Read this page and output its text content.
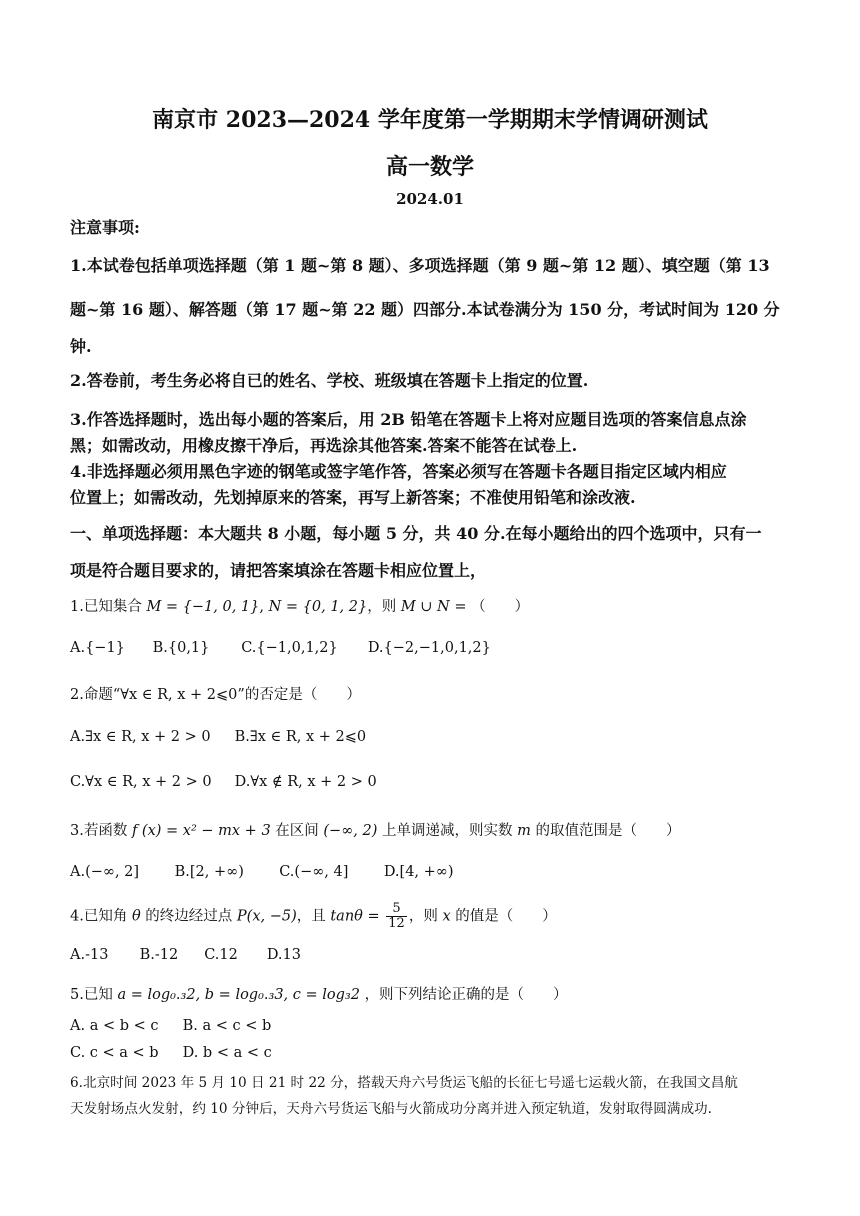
南京市 2023—2024 学年度第一学期期末学情调研测试
高一数学
2024.01
注意事项:
1.本试卷包括单项选择题（第 1 题~第 8 题）、多项选择题（第 9 题~第 12 题）、填空题（第 13
题~第 16 题）、解答题（第 17 题~第 22 题）四部分.本试卷满分为 150 分，考试时间为 120 分
钟.
2.答卷前，考生务必将自已的姓名、学校、班级填在答题卡上指定的位置.
3.作答选择题时，选出每小题的答案后，用 2B 铅笔在答题卡上将对应题目选项的答案信息点涂
黑；如需改动，用橡皮擦干净后，再选涂其他答案.答案不能答在试卷上.
4.非选择题必须用黑色字迹的钢笔或签字笔作答，答案必须写在答题卡各题目指定区域内相应
位置上；如需改动，先划掉原来的答案，再写上新答案；不准使用铅笔和涂改液.
一、单项选择题：本大题共 8 小题，每小题 5 分，共 40 分.在每小题给出的四个选项中，只有一
项是符合题目要求的，请把答案填涂在答题卡相应位置上，
1.已知集合 M = {−1, 0, 1}, N = {0, 1, 2}，则 M ∪ N = （　　）
A.{−1} B.{0,1} C.{−1,0,1,2} D.{−2,−1,0,1,2}
2.命题“∀x ∈ R, x + 2⩽0”的否定是（　　）
A.∃x ∈ R, x + 2 > 0 B.∃x ∈ R, x + 2⩽0
C.∀x ∈ R, x + 2 > 0 D.∀x ∉ R, x + 2 > 0
3.若函数 f (x) = x² − mx + 3 在区间 (−∞, 2) 上单调递减，则实数 m 的取值范围是（　　）
A.(−∞, 2] B.[2, +∞) C.(−∞, 4] D.[4, +∞)
4.已知角 θ 的终边经过点 P(x, −5)，且 $\tan\theta = \frac{5}{12}$ ，则 x 的值是（　　）
A.-13 B.-12 C.12 D.13
5.已知 a = log₀.₃2, b = log₀.₃3, c = log₃2 ，则下列结论正确的是（　　）
A. a < b < c B. a < c < b
C. c < a < b D. b < a < c
6.北京时间 2023 年 5 月 10 日 21 时 22 分，搭载天舟六号货运飞船的长征七号遥七运载火箭，在我国文昌航
天发射场点火发射，约 10 分钟后，天舟六号货运飞船与火箭成功分离并进入预定轨道，发射取得圆满成功.
